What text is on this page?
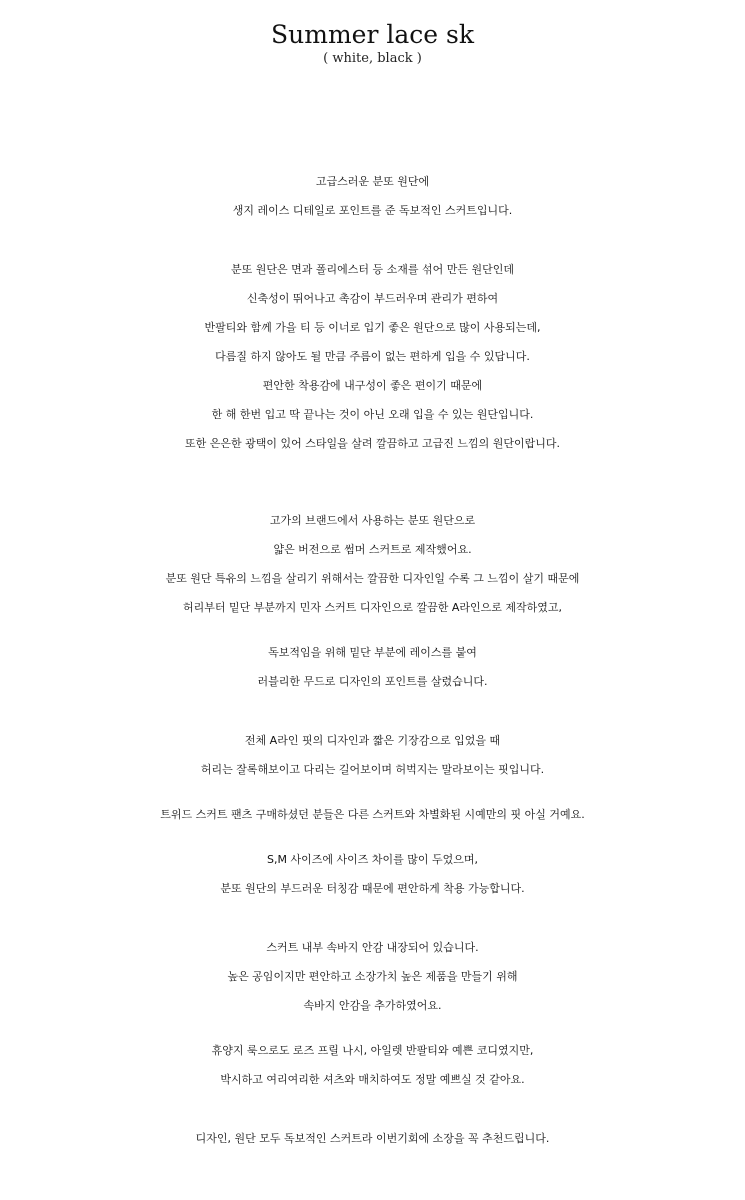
Summer lace sk
( white, black )
고급스러운 분또 원단에
생지 레이스 디테일로 포인트를 준 독보적인 스커트입니다.
분또 원단은 면과 폴리에스터 등 소재를 섞어 만든 원단인데
신축성이 뛰어나고 촉감이 부드러우며 관리가 편하여
반팔티와 함께 가을 티 등 이너로 입기 좋은 원단으로 많이 사용되는데,
다름질 하지 않아도 될 만큼 주름이 없는 편하게 입을 수 있답니다.
편안한 착용감에 내구성이 좋은 편이기 때문에
한 해 한번 입고 딱 끝나는 것이 아닌 오래 입을 수 있는 원단입니다.
또한 은은한 광택이 있어 스타일을 살려 깔끔하고 고급진 느낌의 원단이랍니다.
고가의 브랜드에서 사용하는 분또 원단으로
얇은 버전으로 썸머 스커트로 제작했어요.
분또 원단 특유의 느낌을 살리기 위해서는 깔끔한 디자인일 수록 그 느낌이 살기 때문에
허리부터 밑단 부분까지 민자 스커트 디자인으로 깔끔한 A라인으로 제작하였고,
독보적임을 위해 밑단 부분에 레이스를 붙여
러블리한 무드로 디자인의 포인트를 살렸습니다.
전체 A라인 핏의 디자인과 짧은 기장감으로 입었을 때
허리는 잘록해보이고 다리는 길어보이며 허벅지는 말라보이는 핏입니다.
트위드 스커트 팬츠 구매하셨던 분들은 다른 스커트와 차별화된 시예만의 핏 아실 거예요.
S,M 사이즈에 사이즈 차이를 많이 두었으며,
분또 원단의 부드러운 터칭감 때문에 편안하게 착용 가능합니다.
스커트 내부 속바지 안감 내장되어 있습니다.
높은 공임이지만 편안하고 소장가치 높은 제품을 만들기 위해
속바지 안감을 추가하였어요.
휴양지 룩으로도 로즈 프릴 나시, 아일렛 반팔티와 예쁜 코디였지만,
박시하고 여리여리한 셔츠와 매치하여도 정말 예쁘실 것 같아요.
디자인, 원단 모두 독보적인 스커트라 이번기회에 소장을 꼭 추천드립니다.
